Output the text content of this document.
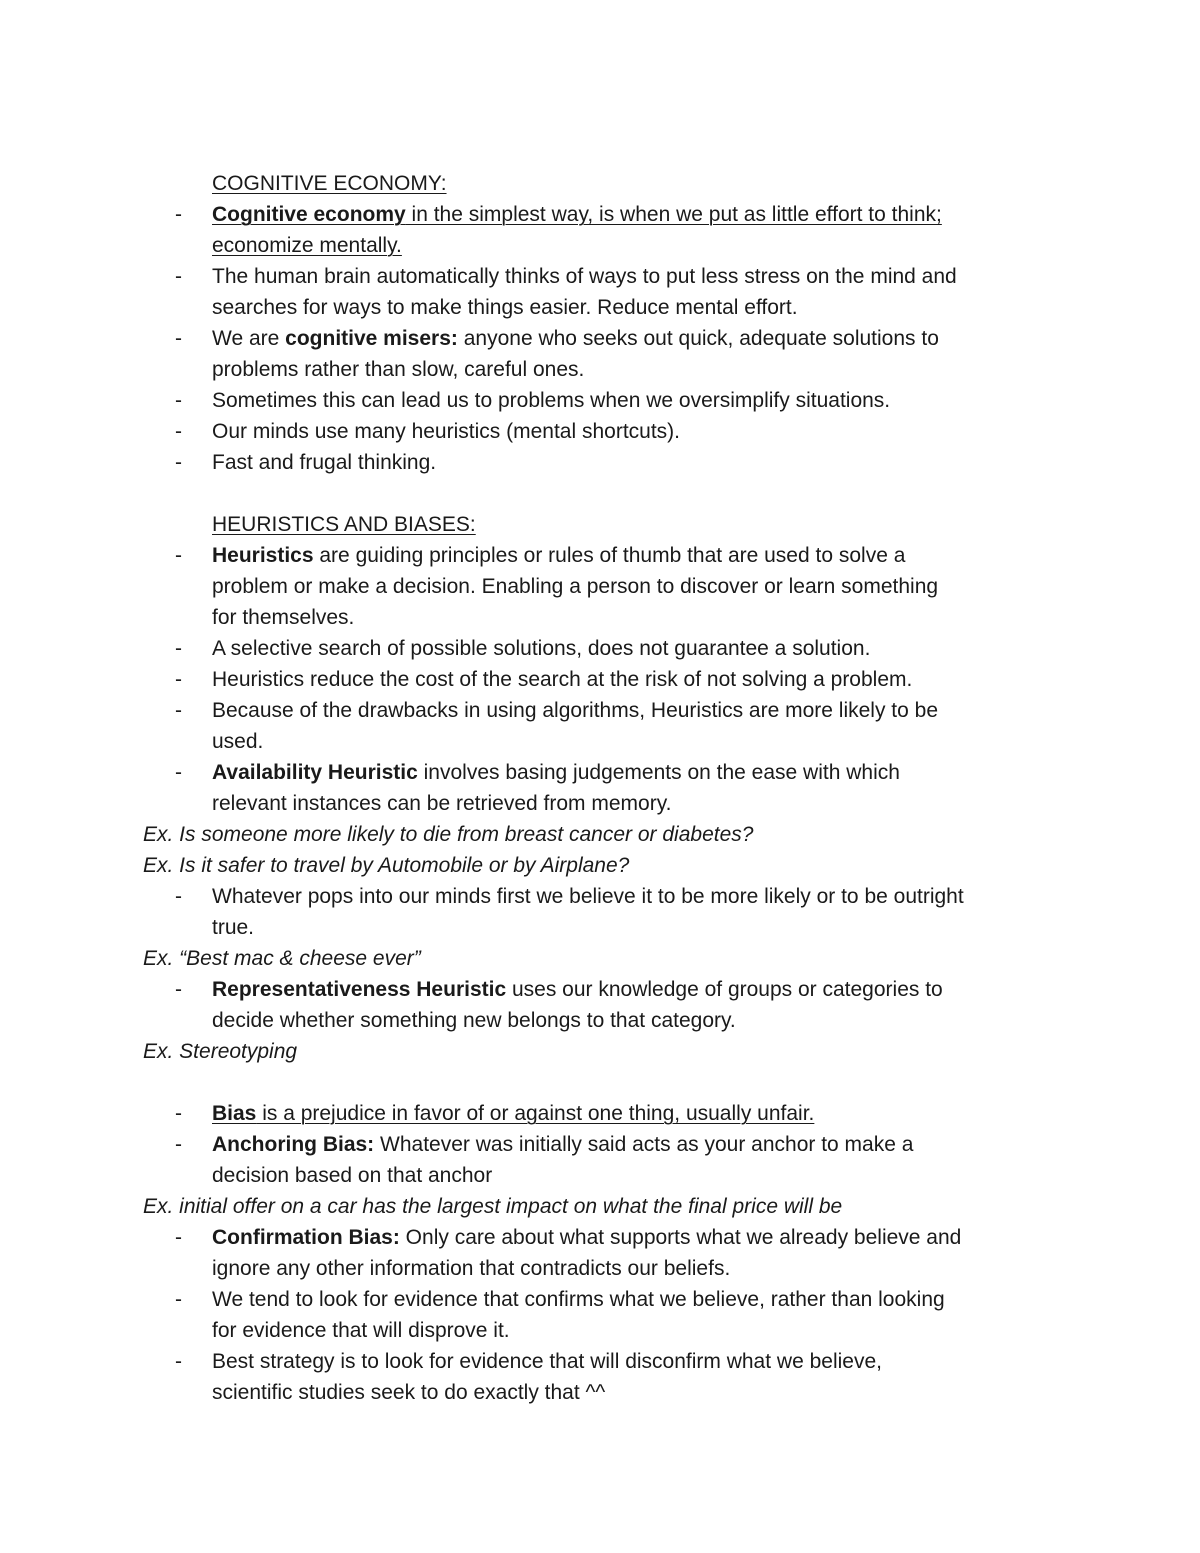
COGNITIVE ECONOMY:
- Cognitive economy in the simplest way, is when we put as little effort to think;
economize mentally.
- The human brain automatically thinks of ways to put less stress on the mind and
searches for ways to make things easier. Reduce mental effort.
- We are cognitive misers: anyone who seeks out quick, adequate solutions to
problems rather than slow, careful ones.
- Sometimes this can lead us to problems when we oversimplify situations.
- Our minds use many heuristics (mental shortcuts).
- Fast and frugal thinking.
HEURISTICS AND BIASES:
- Heuristics are guiding principles or rules of thumb that are used to solve a
problem or make a decision. Enabling a person to discover or learn something
for themselves.
- A selective search of possible solutions, does not guarantee a solution.
- Heuristics reduce the cost of the search at the risk of not solving a problem.
- Because of the drawbacks in using algorithms, Heuristics are more likely to be
used.
- Availability Heuristic involves basing judgements on the ease with which
relevant instances can be retrieved from memory.
Ex. Is someone more likely to die from breast cancer or diabetes?
Ex. Is it safer to travel by Automobile or by Airplane?
- Whatever pops into our minds first we believe it to be more likely or to be outright
true.
Ex. “Best mac & cheese ever”
- Representativeness Heuristic uses our knowledge of groups or categories to
decide whether something new belongs to that category.
Ex. Stereotyping
- Bias is a prejudice in favor of or against one thing, usually unfair.
- Anchoring Bias: Whatever was initially said acts as your anchor to make a
decision based on that anchor
Ex. initial offer on a car has the largest impact on what the final price will be
- Confirmation Bias: Only care about what supports what we already believe and
ignore any other information that contradicts our beliefs.
- We tend to look for evidence that confirms what we believe, rather than looking
for evidence that will disprove it.
- Best strategy is to look for evidence that will disconfirm what we believe,
scientific studies seek to do exactly that ^^
